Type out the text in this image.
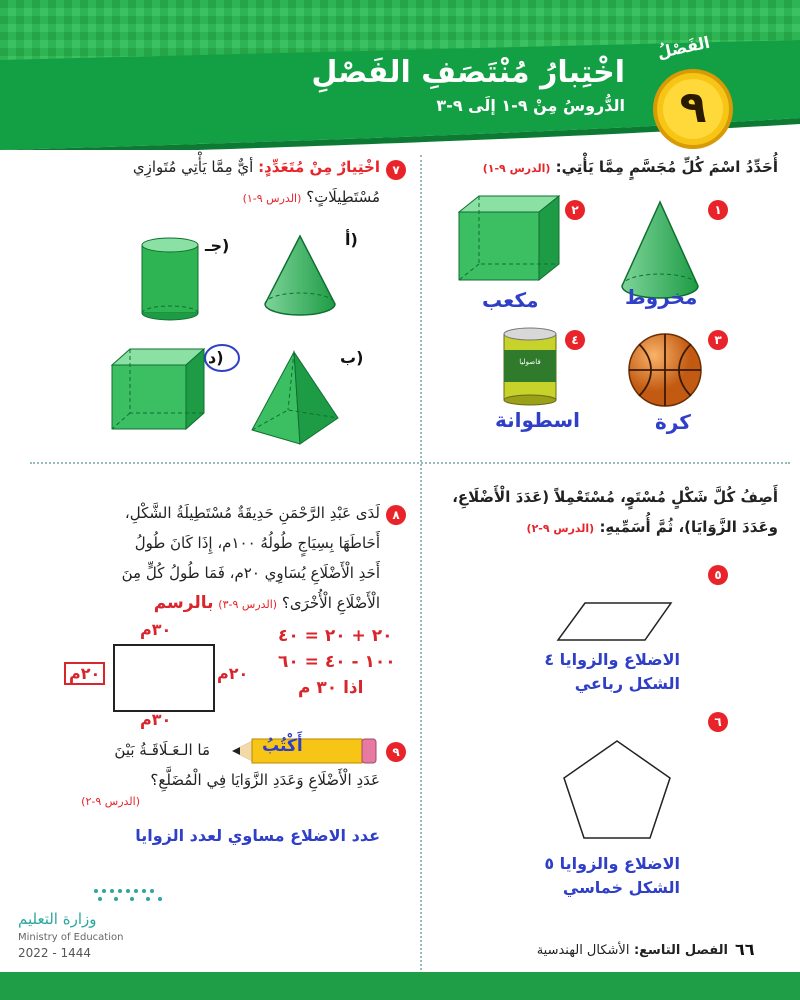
الفَصْلُ
٩
اخْتِبارُ مُنْتَصَفِ الفَصْلِ
الدُّروسُ مِنْ ٩-١ إلَى ٩-٣
أُحَدِّدُ اسْمَ كُلِّ مُجَسَّمٍ مِمَّا يَأْتِي: (الدرس ٩-١)
١
مخروط
٢
مكعب
٣
كرة
٤
فاصوليا
اسطوانة
أَصِفُ كُلَّ شَكْلٍ مُسْتَوٍ، مُسْتَعْمِلاً (عَدَدَ الْأَضْلَاعِ،
وعَدَدَ الزَّوَايَا)، ثُمَّ أُسَمِّيهِ: (الدرس ٩-٢)
٥
الاضلاع والزوايا ٤
الشكل رباعي
٦
الاضلاع والزوايا ٥
الشكل خماسي
٧
اخْتِيارٌ مِنْ مُتَعَدِّدٍ: أيٌّ مِمَّا يَأْتِي مُتَوازِي
مُسْتَطِيلَاتٍ؟ (الدرس ٩-١)
أ)
جـ)
ب)
د)
٨
لَدَى عَبْدِ الرَّحْمَنِ حَدِيقَةٌ مُسْتَطِيلَةُ الشَّكْلِ،
أَحَاطَهَا بِسِيَاجٍ طُولُهُ ١٠٠م، إِذَا كَانَ طُولُ
أَحَدِ الْأَضْلَاعِ يُسَاوِي ٢٠م، فَمَا طُولُ كُلٍّ مِنَ
الْأَضْلَاعِ الْأُخْرَى؟ (الدرس ٩-٣) بالرسم
٢٠ + ٢٠ = ٤٠
١٠٠ - ٤٠ = ٦٠
اذا ٣٠ م
٣٠م
٣٠م
٢٠م
٢٠م
٩
أَكْتُبُ
مَا الـعَـلَاقَـةُ بَيْنَ
عَدَدِ الْأَضْلَاعِ وَعَدَدِ الزَّوَايَا فِي الْمُضَلَّعِ؟
(الدرس ٩-٢)
عدد الاضلاع مساوي لعدد الزوايا
وزارة التعليم
Ministry of Education
2022 - 1444	الفصل التاسع: الأشكال الهندسية	٦٦
